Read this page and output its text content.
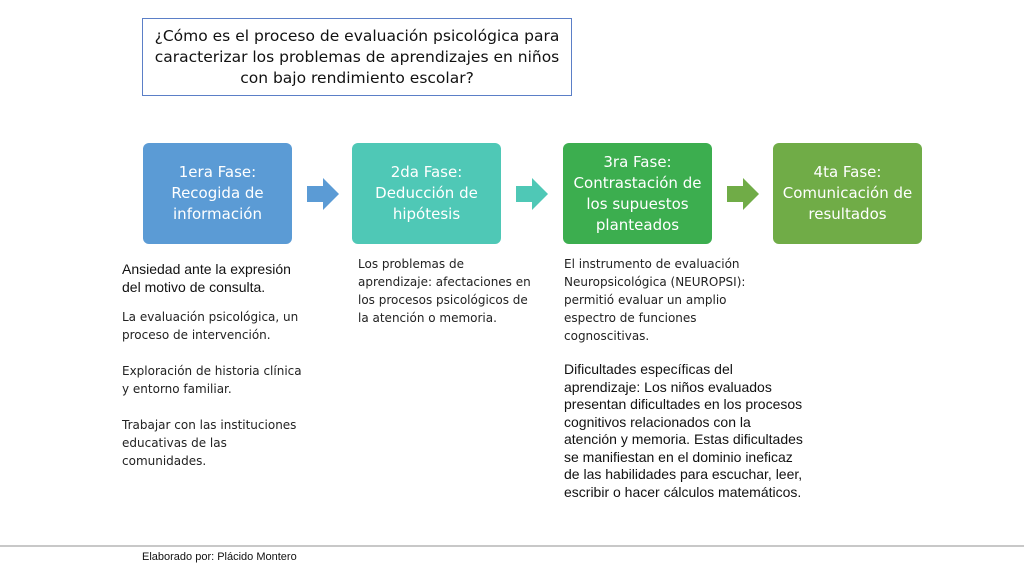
¿Cómo es el proceso de evaluación psicológica para caracterizar los problemas de aprendizajes en niños con bajo rendimiento escolar?
1era Fase: Recogida de información
2da Fase: Deducción de hipótesis
3ra Fase: Contrastación de los supuestos planteados
4ta Fase: Comunicación de resultados

Ansiedad ante la expresión del motivo de consulta.

La evaluación psicológica, un proceso de intervención.

Exploración de historia clínica y entorno familiar.

Trabajar con las instituciones educativas de las comunidades.

Los problemas de aprendizaje: afectaciones en los procesos psicológicos de la atención o memoria.

El instrumento de evaluación Neuropsicológica (NEUROPSI): permitió evaluar un amplio espectro de funciones cognoscitivas.

Dificultades específicas del aprendizaje: Los niños evaluados presentan dificultades en los procesos cognitivos relacionados con la atención y memoria. Estas dificultades se manifiestan en el dominio ineficaz de las habilidades para escuchar, leer, escribir o hacer cálculos matemáticos.
Elaborado por: Plácido Montero
